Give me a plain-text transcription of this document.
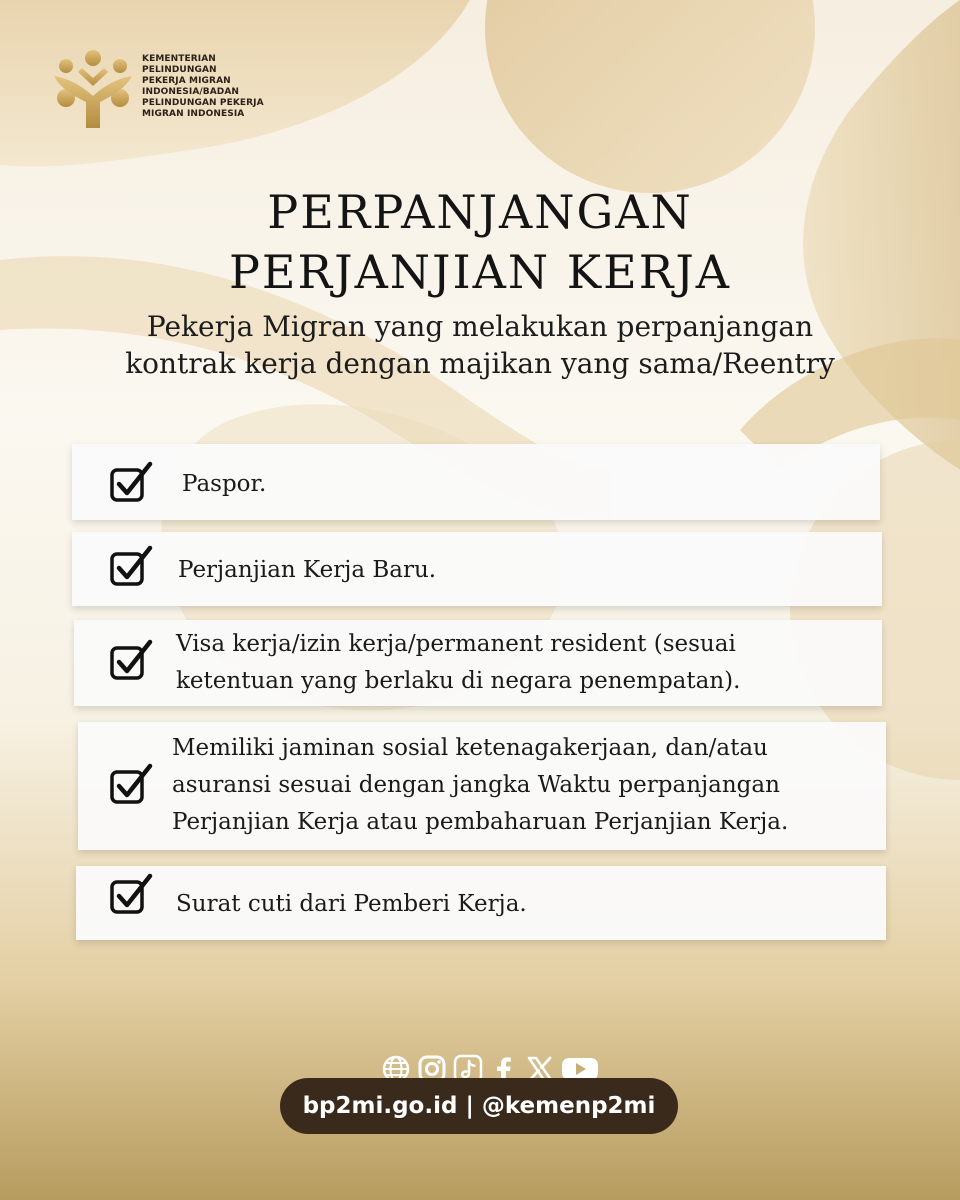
KEMENTERIAN
PELINDUNGAN
PEKERJA MIGRAN
INDONESIA/BADAN
PELINDUNGAN PEKERJA
MIGRAN INDONESIA
PERPANJANGAN
PERJANJIAN KERJA
Pekerja Migran yang melakukan perpanjangan
kontrak kerja dengan majikan yang sama/Reentry
Paspor.
Perjanjian Kerja Baru.
Visa kerja/izin kerja/permanent resident (sesuai
ketentuan yang berlaku di negara penempatan).
Memiliki jaminan sosial ketenagakerjaan, dan/atau
asuransi sesuai dengan jangka Waktu perpanjangan
Perjanjian Kerja atau pembaharuan Perjanjian Kerja.
Surat cuti dari Pemberi Kerja.
bp2mi.go.id | @kemenp2mi
